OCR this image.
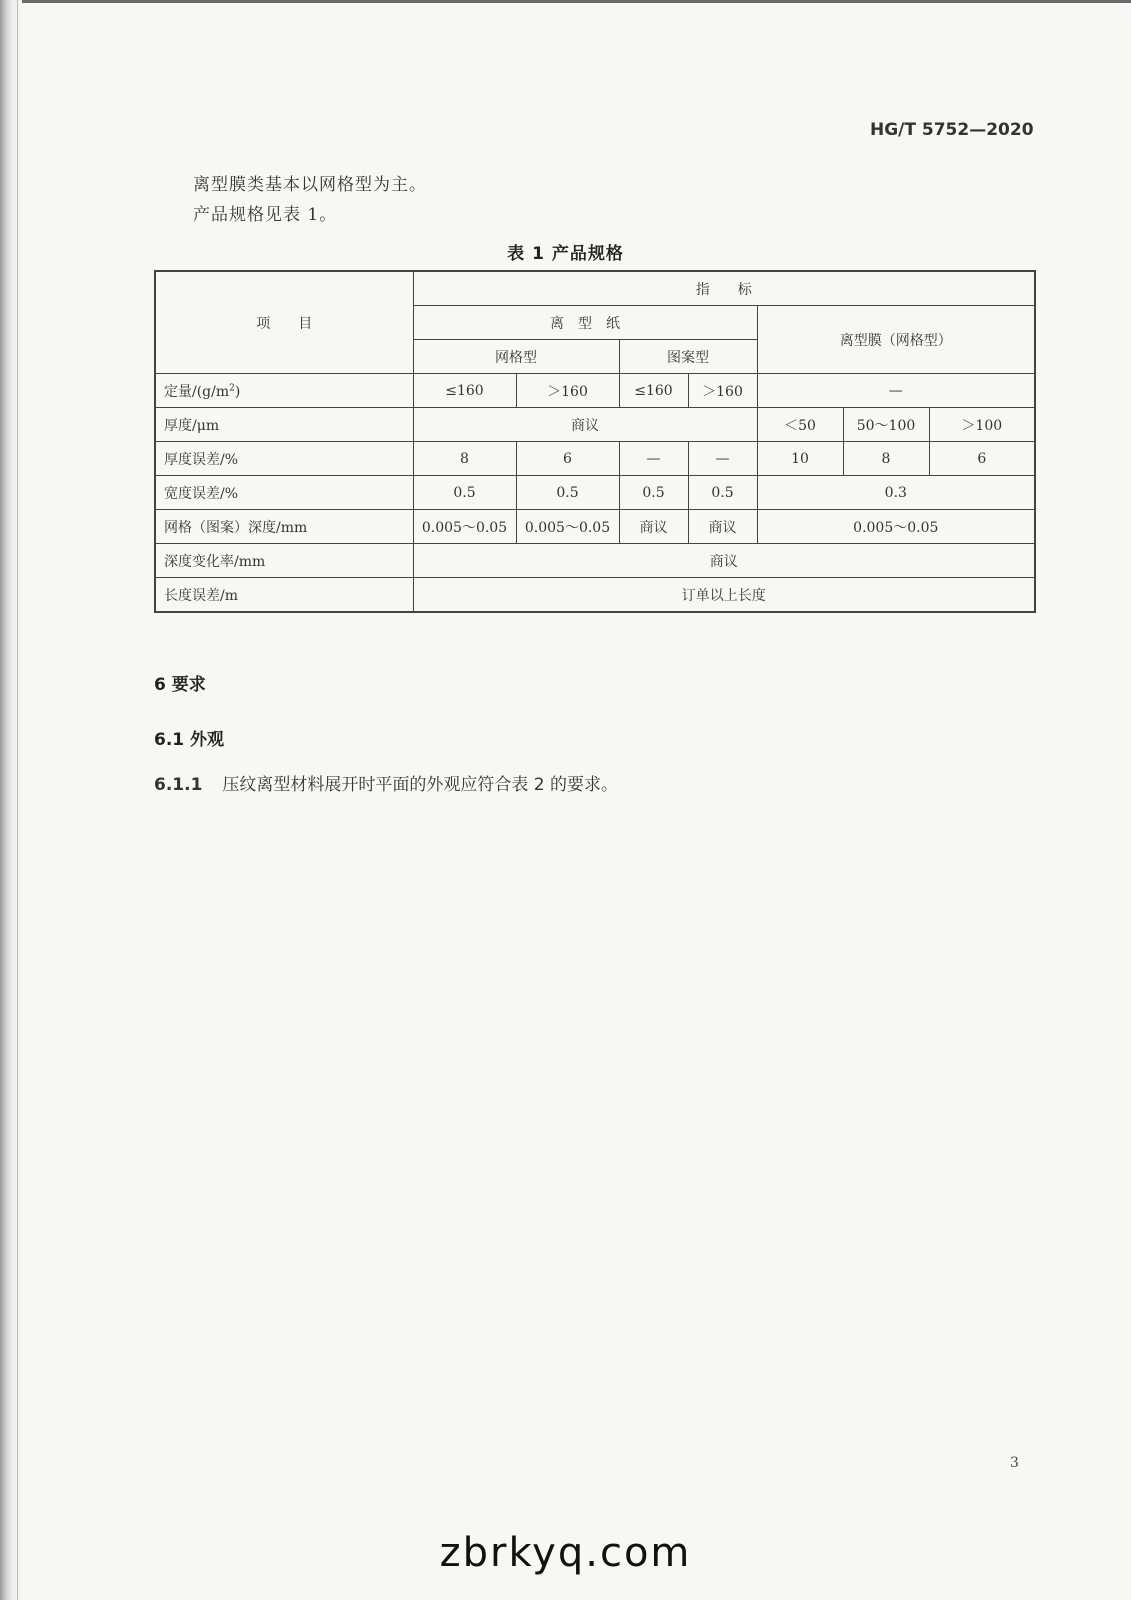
HG/T 5752—2020
离型膜类基本以网格型为主。
产品规格见表 1。
表 1 产品规格
项　　目	指　　标						
	离　型　纸				离型膜（网格型）		
	网格型		图案型				
定量$/(g/m^2)$	≤160	＞160	≤160	＞160	—		
厚度/μm	商议				＜50	50～100	＞100
厚度误差/%	8	6	—	—	10	8	6
宽度误差/%	0.5	0.5	0.5	0.5	0.3		
网格（图案）深度/mm	0.005～0.05	0.005～0.05	商议	商议	0.005～0.05		
深度变化率/mm	商议						
长度误差/m	订单以上长度						
6 要求
6.1 外观
6.1.1 压纹离型材料展开时平面的外观应符合表 2 的要求。
3
zbrkyq.com
